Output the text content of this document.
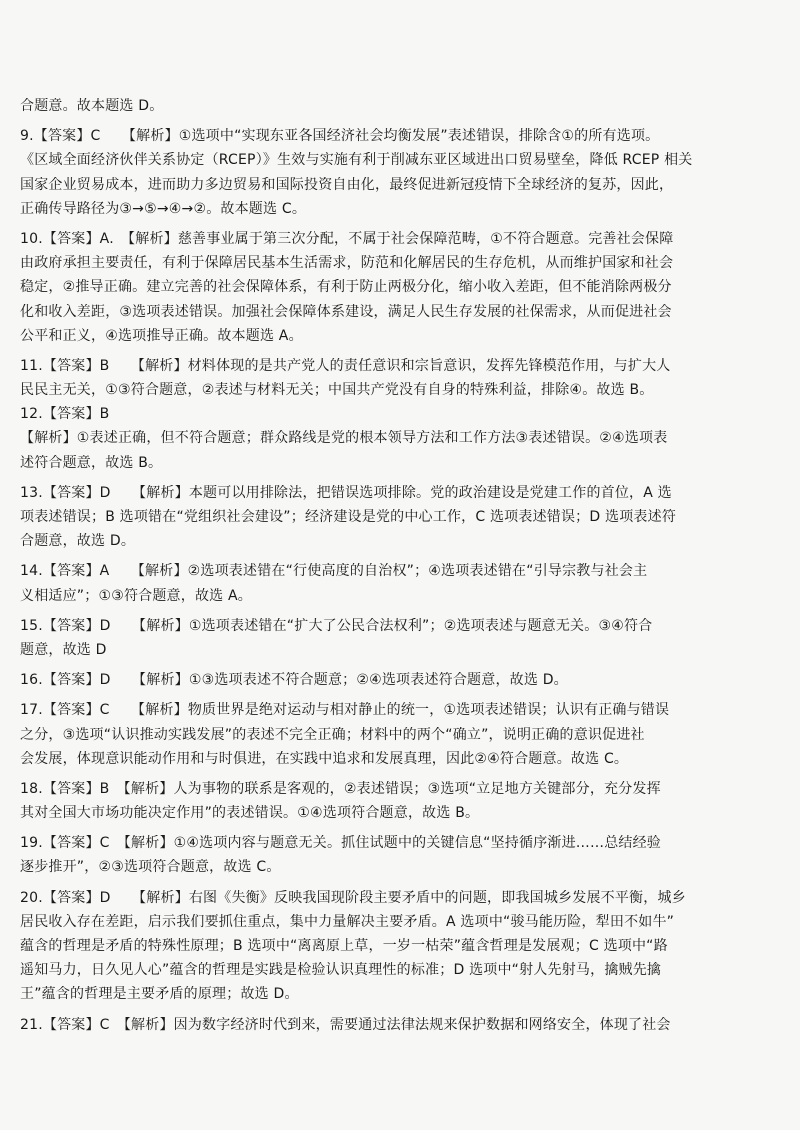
合题意。故本题选 D。
9.【答案】C　　【解析】①选项中“实现东亚各国经济社会均衡发展”表述错误，排除含①的所有选项。
《区域全面经济伙伴关系协定（RCEP）》生效与实施有利于削减东亚区域进出口贸易壁垒，降低 RCEP 相关
国家企业贸易成本，进而助力多边贸易和国际投资自由化，最终促进新冠疫情下全球经济的复苏，因此，
正确传导路径为③→⑤→④→②。故本题选 C。
10.【答案】A.　【解析】慈善事业属于第三次分配，不属于社会保障范畴，①不符合题意。完善社会保障
由政府承担主要责任，有利于保障居民基本生活需求，防范和化解居民的生存危机，从而维护国家和社会
稳定，②推导正确。建立完善的社会保障体系，有利于防止两极分化，缩小收入差距，但不能消除两极分
化和收入差距，③选项表述错误。加强社会保障体系建设，满足人民生存发展的社保需求，从而促进社会
公平和正义，④选项推导正确。故本题选 A。
11.【答案】B　　【解析】材料体现的是共产党人的责任意识和宗旨意识，发挥先锋模范作用，与扩大人
民民主无关，①③符合题意，②表述与材料无关；中国共产党没有自身的特殊利益，排除④。故选 B。
12.【答案】B
【解析】①表述正确，但不符合题意；群众路线是党的根本领导方法和工作方法③表述错误。②④选项表
述符合题意，故选 B。
13.【答案】D　　【解析】本题可以用排除法，把错误选项排除。党的政治建设是党建工作的首位，A 选
项表述错误；B 选项错在“党组织社会建设”；经济建设是党的中心工作，C 选项表述错误；D 选项表述符
合题意，故选 D。
14.【答案】A　　【解析】②选项表述错在“行使高度的自治权”；④选项表述错在“引导宗教与社会主
义相适应”；①③符合题意，故选 A。
15.【答案】D　　【解析】①选项表述错在“扩大了公民合法权利”；②选项表述与题意无关。③④符合
题意，故选 D
16.【答案】D　　【解析】①③选项表述不符合题意；②④选项表述符合题意，故选 D。
17.【答案】C　　【解析】物质世界是绝对运动与相对静止的统一，①选项表述错误；认识有正确与错误
之分，③选项“认识推动实践发展”的表述不完全正确；材料中的两个“确立”，说明正确的意识促进社
会发展，体现意识能动作用和与时俱进，在实践中追求和发展真理，因此②④符合题意。故选 C。
18.【答案】B　【解析】人为事物的联系是客观的，②表述错误；③选项“立足地方关键部分，充分发挥
其对全国大市场功能决定作用”的表述错误。①④选项符合题意，故选 B。
19.【答案】C　【解析】①④选项内容与题意无关。抓住试题中的关键信息“坚持循序渐进……总结经验
逐步推开”，②③选项符合题意，故选 C。
20.【答案】D　　【解析】右图《失衡》反映我国现阶段主要矛盾中的问题，即我国城乡发展不平衡，城乡
居民收入存在差距，启示我们要抓住重点，集中力量解决主要矛盾。A 选项中“骏马能历险，犁田不如牛”
蕴含的哲理是矛盾的特殊性原理；B 选项中“离离原上草，一岁一枯荣”蕴含哲理是发展观；C 选项中“路
遥知马力，日久见人心”蕴含的哲理是实践是检验认识真理性的标准；D 选项中“射人先射马，擒贼先擒
王”蕴含的哲理是主要矛盾的原理；故选 D。
21.【答案】C　【解析】因为数字经济时代到来，需要通过法律法规来保护数据和网络安全，体现了社会
